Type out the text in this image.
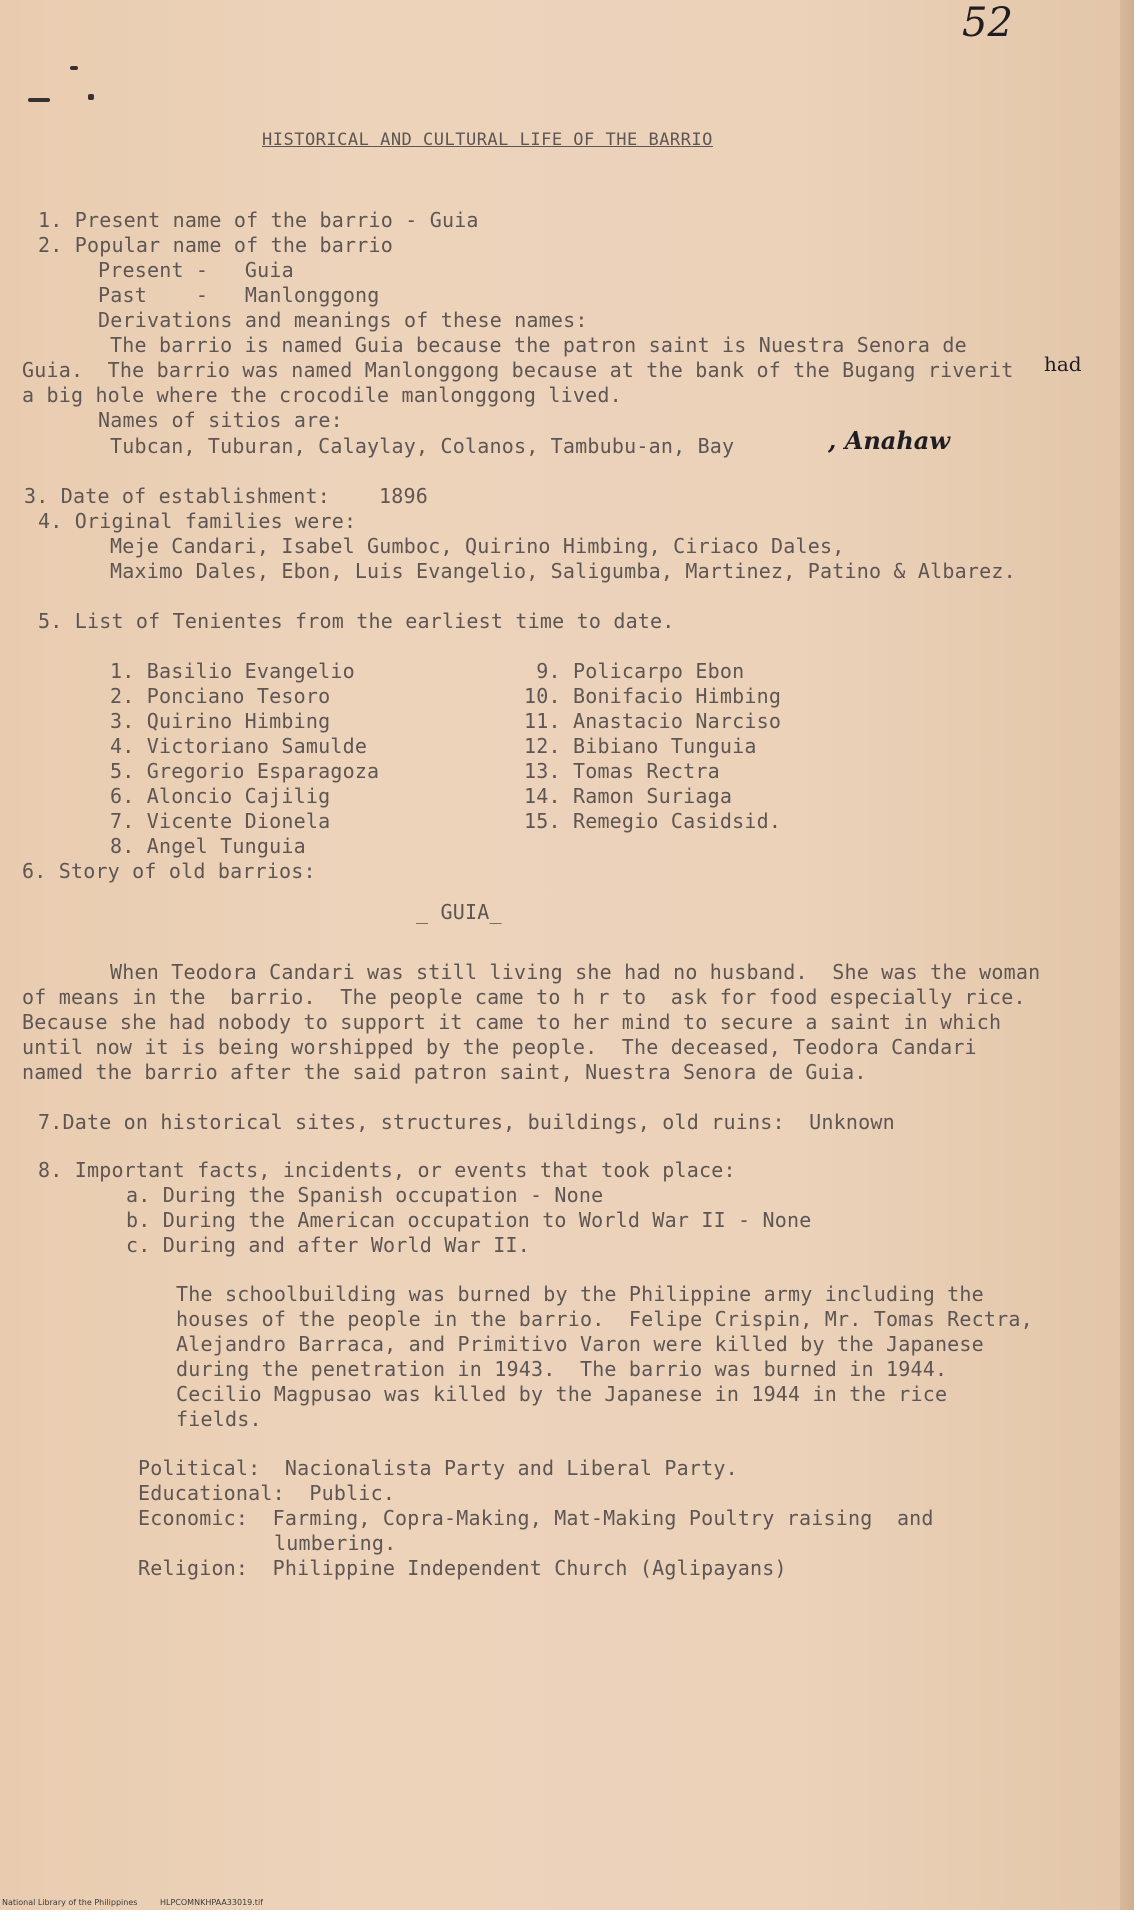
52
HISTORICAL AND CULTURAL LIFE OF THE BARRIO
1. Present name of the barrio - Guia
2. Popular name of the barrio
Present -   Guia
Past    -   Manlonggong
Derivations and meanings of these names:
The barrio is named Guia because the patron saint is Nuestra Senora de
Guia.  The barrio was named Manlonggong because at the bank of the Bugang riverit had
a big hole where the crocodile manlonggong lived.
Names of sitios are:
Tubcan, Tuburan, Calaylay, Colanos, Tambubu-an, Bay	, Anahaw
3. Date of establishment:    1896
4. Original families were:
Meje Candari, Isabel Gumboc, Quirino Himbing, Ciriaco Dales,
Maximo Dales, Ebon, Luis Evangelio, Saligumba, Martinez, Patino & Albarez.
5. List of Tenientes from the earliest time to date.
1. Basilio Evangelio
2. Ponciano Tesoro
3. Quirino Himbing
4. Victoriano Samulde
5. Gregorio Esparagoza
6. Aloncio Cajilig
7. Vicente Dionela
8. Angel Tunguia
9. Policarpo Ebon
10. Bonifacio Himbing
11. Anastacio Narciso
12. Bibiano Tunguia
13. Tomas Rectra
14. Ramon Suriaga
15. Remegio Casidsid.
6. Story of old barrios:
_ GUIA_
When Teodora Candari was still living she had no husband.  She was the woman
of means in the  barrio.  The people came to h r to  ask for food especially rice.
Because she had nobody to support it came to her mind to secure a saint in which
until now it is being worshipped by the people.  The deceased, Teodora Candari
named the barrio after the said patron saint, Nuestra Senora de Guia.
7.Date on historical sites, structures, buildings, old ruins:  Unknown
8. Important facts, incidents, or events that took place:
a. During the Spanish occupation - None
b. During the American occupation to World War II - None
c. During and after World War II.
The schoolbuilding was burned by the Philippine army including the
houses of the people in the barrio.  Felipe Crispin, Mr. Tomas Rectra,
Alejandro Barraca, and Primitivo Varon were killed by the Japanese
during the penetration in 1943.  The barrio was burned in 1944.
Cecilio Magpusao was killed by the Japanese in 1944 in the rice
fields.
Political:  Nacionalista Party and Liberal Party.
Educational:  Public.
Economic:  Farming, Copra-Making, Mat-Making Poultry raising  and
lumbering.
Religion:  Philippine Independent Church (Aglipayans)
National Library of the Philippines	HLPCOMNKHPAA33019.tif
